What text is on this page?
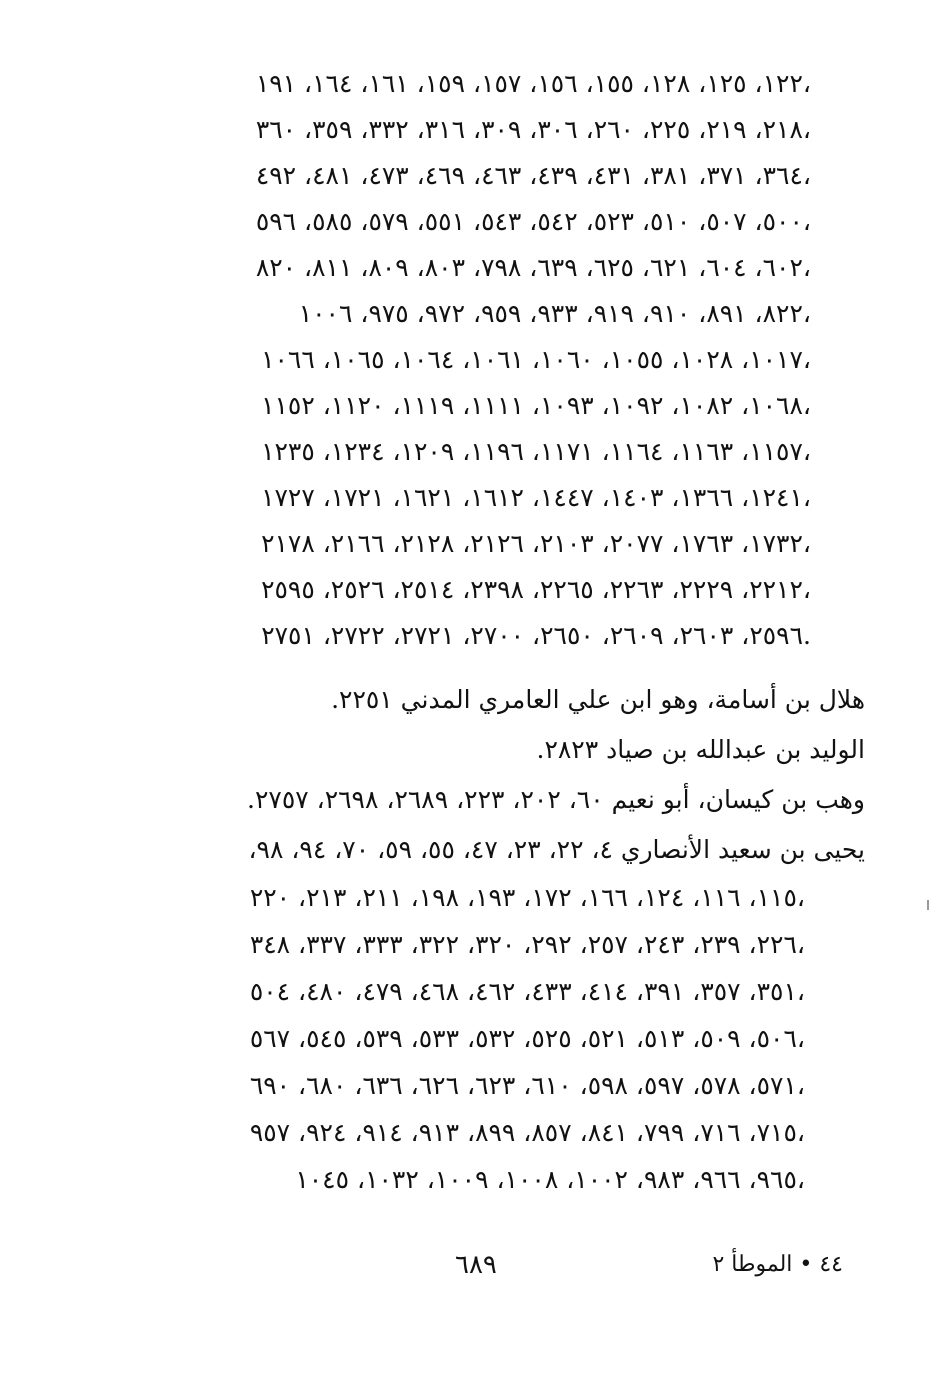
١٢٢، ١٢٥، ١٢٨، ١٥٥، ١٥٦، ١٥٧، ١٥٩، ١٦١، ١٦٤، ١٩١،
٢١٨، ٢١٩، ٢٢٥، ٢٦٠، ٣٠٦، ٣٠٩، ٣١٦، ٣٣٢، ٣٥٩، ٣٦٠،
٣٦٤، ٣٧١، ٣٨١، ٤٣١، ٤٣٩، ٤٦٣، ٤٦٩، ٤٧٣، ٤٨١، ٤٩٢،
٥٠٠، ٥٠٧، ٥١٠، ٥٢٣، ٥٤٢، ٥٤٣، ٥٥١، ٥٧٩، ٥٨٥، ٥٩٦،
٦٠٢، ٦٠٤، ٦٢١، ٦٢٥، ٦٣٩، ٧٩٨، ٨٠٣، ٨٠٩، ٨١١، ٨٢٠،
٨٢٢، ٨٩١، ٩١٠، ٩١٩، ٩٣٣، ٩٥٩، ٩٧٢، ٩٧٥، ١٠٠٦،
١٠١٧، ١٠٢٨، ١٠٥٥، ١٠٦٠، ١٠٦١، ١٠٦٤، ١٠٦٥، ١٠٦٦،
١٠٦٨، ١٠٨٢، ١٠٩٢، ١٠٩٣، ١١١١، ١١١٩، ١١٢٠، ١١٥٢،
١١٥٧، ١١٦٣، ١١٦٤، ١١٧١، ١١٩٦، ١٢٠٩، ١٢٣٤، ١٢٣٥،
١٢٤١، ١٣٦٦، ١٤٠٣، ١٤٤٧، ١٦١٢، ١٦٢١، ١٧٢١، ١٧٢٧،
١٧٣٢، ١٧٦٣، ٢٠٧٧، ٢١٠٣، ٢١٢٦، ٢١٢٨، ٢١٦٦، ٢١٧٨،
٢٢١٢، ٢٢٢٩، ٢٢٦٣، ٢٢٦٥، ٢٣٩٨، ٢٥١٤، ٢٥٢٦، ٢٥٩٥،
٢٥٩٦، ٢٦٠٣، ٢٦٠٩، ٢٦٥٠، ٢٧٠٠، ٢٧٢١، ٢٧٢٢، ٢٧٥١.
هلال بن أسامة، وهو ابن علي العامري المدني ٢٢٥١.
الوليد بن عبدالله بن صياد ٢٨٢٣.
وهب بن كيسان، أبو نعيم ٦٠، ٢٠٢، ٢٢٣، ٢٦٨٩، ٢٦٩٨، ٢٧٥٧.
يحيى بن سعيد الأنصاري ٤، ٢٢، ٢٣، ٤٧، ٥٥، ٥٩، ٧٠، ٩٤، ٩٨،
١١٥، ١١٦، ١٢٤، ١٦٦، ١٧٢، ١٩٣، ١٩٨، ٢١١، ٢١٣، ٢٢٠،
٢٢٦، ٢٣٩، ٢٤٣، ٢٥٧، ٢٩٢، ٣٢٠، ٣٢٢، ٣٣٣، ٣٣٧، ٣٤٨،
٣٥١، ٣٥٧، ٣٩١، ٤١٤، ٤٣٣، ٤٦٢، ٤٦٨، ٤٧٩، ٤٨٠، ٥٠٤،
٥٠٦، ٥٠٩، ٥١٣، ٥٢١، ٥٢٥، ٥٣٢، ٥٣٣، ٥٣٩، ٥٤٥، ٥٦٧،
٥٧١، ٥٧٨، ٥٩٧، ٥٩٨، ٦١٠، ٦٢٣، ٦٢٦، ٦٣٦، ٦٨٠، ٦٩٠،
٧١٥، ٧١٦، ٧٩٩، ٨٤١، ٨٥٧، ٨٩٩، ٩١٣، ٩١٤، ٩٢٤، ٩٥٧،
٩٦٥، ٩٦٦، ٩٨٣، ١٠٠٢، ١٠٠٨، ١٠٠٩، ١٠٣٢، ١٠٤٥،
٤٤ • الموطأ ٢
٦٨٩
